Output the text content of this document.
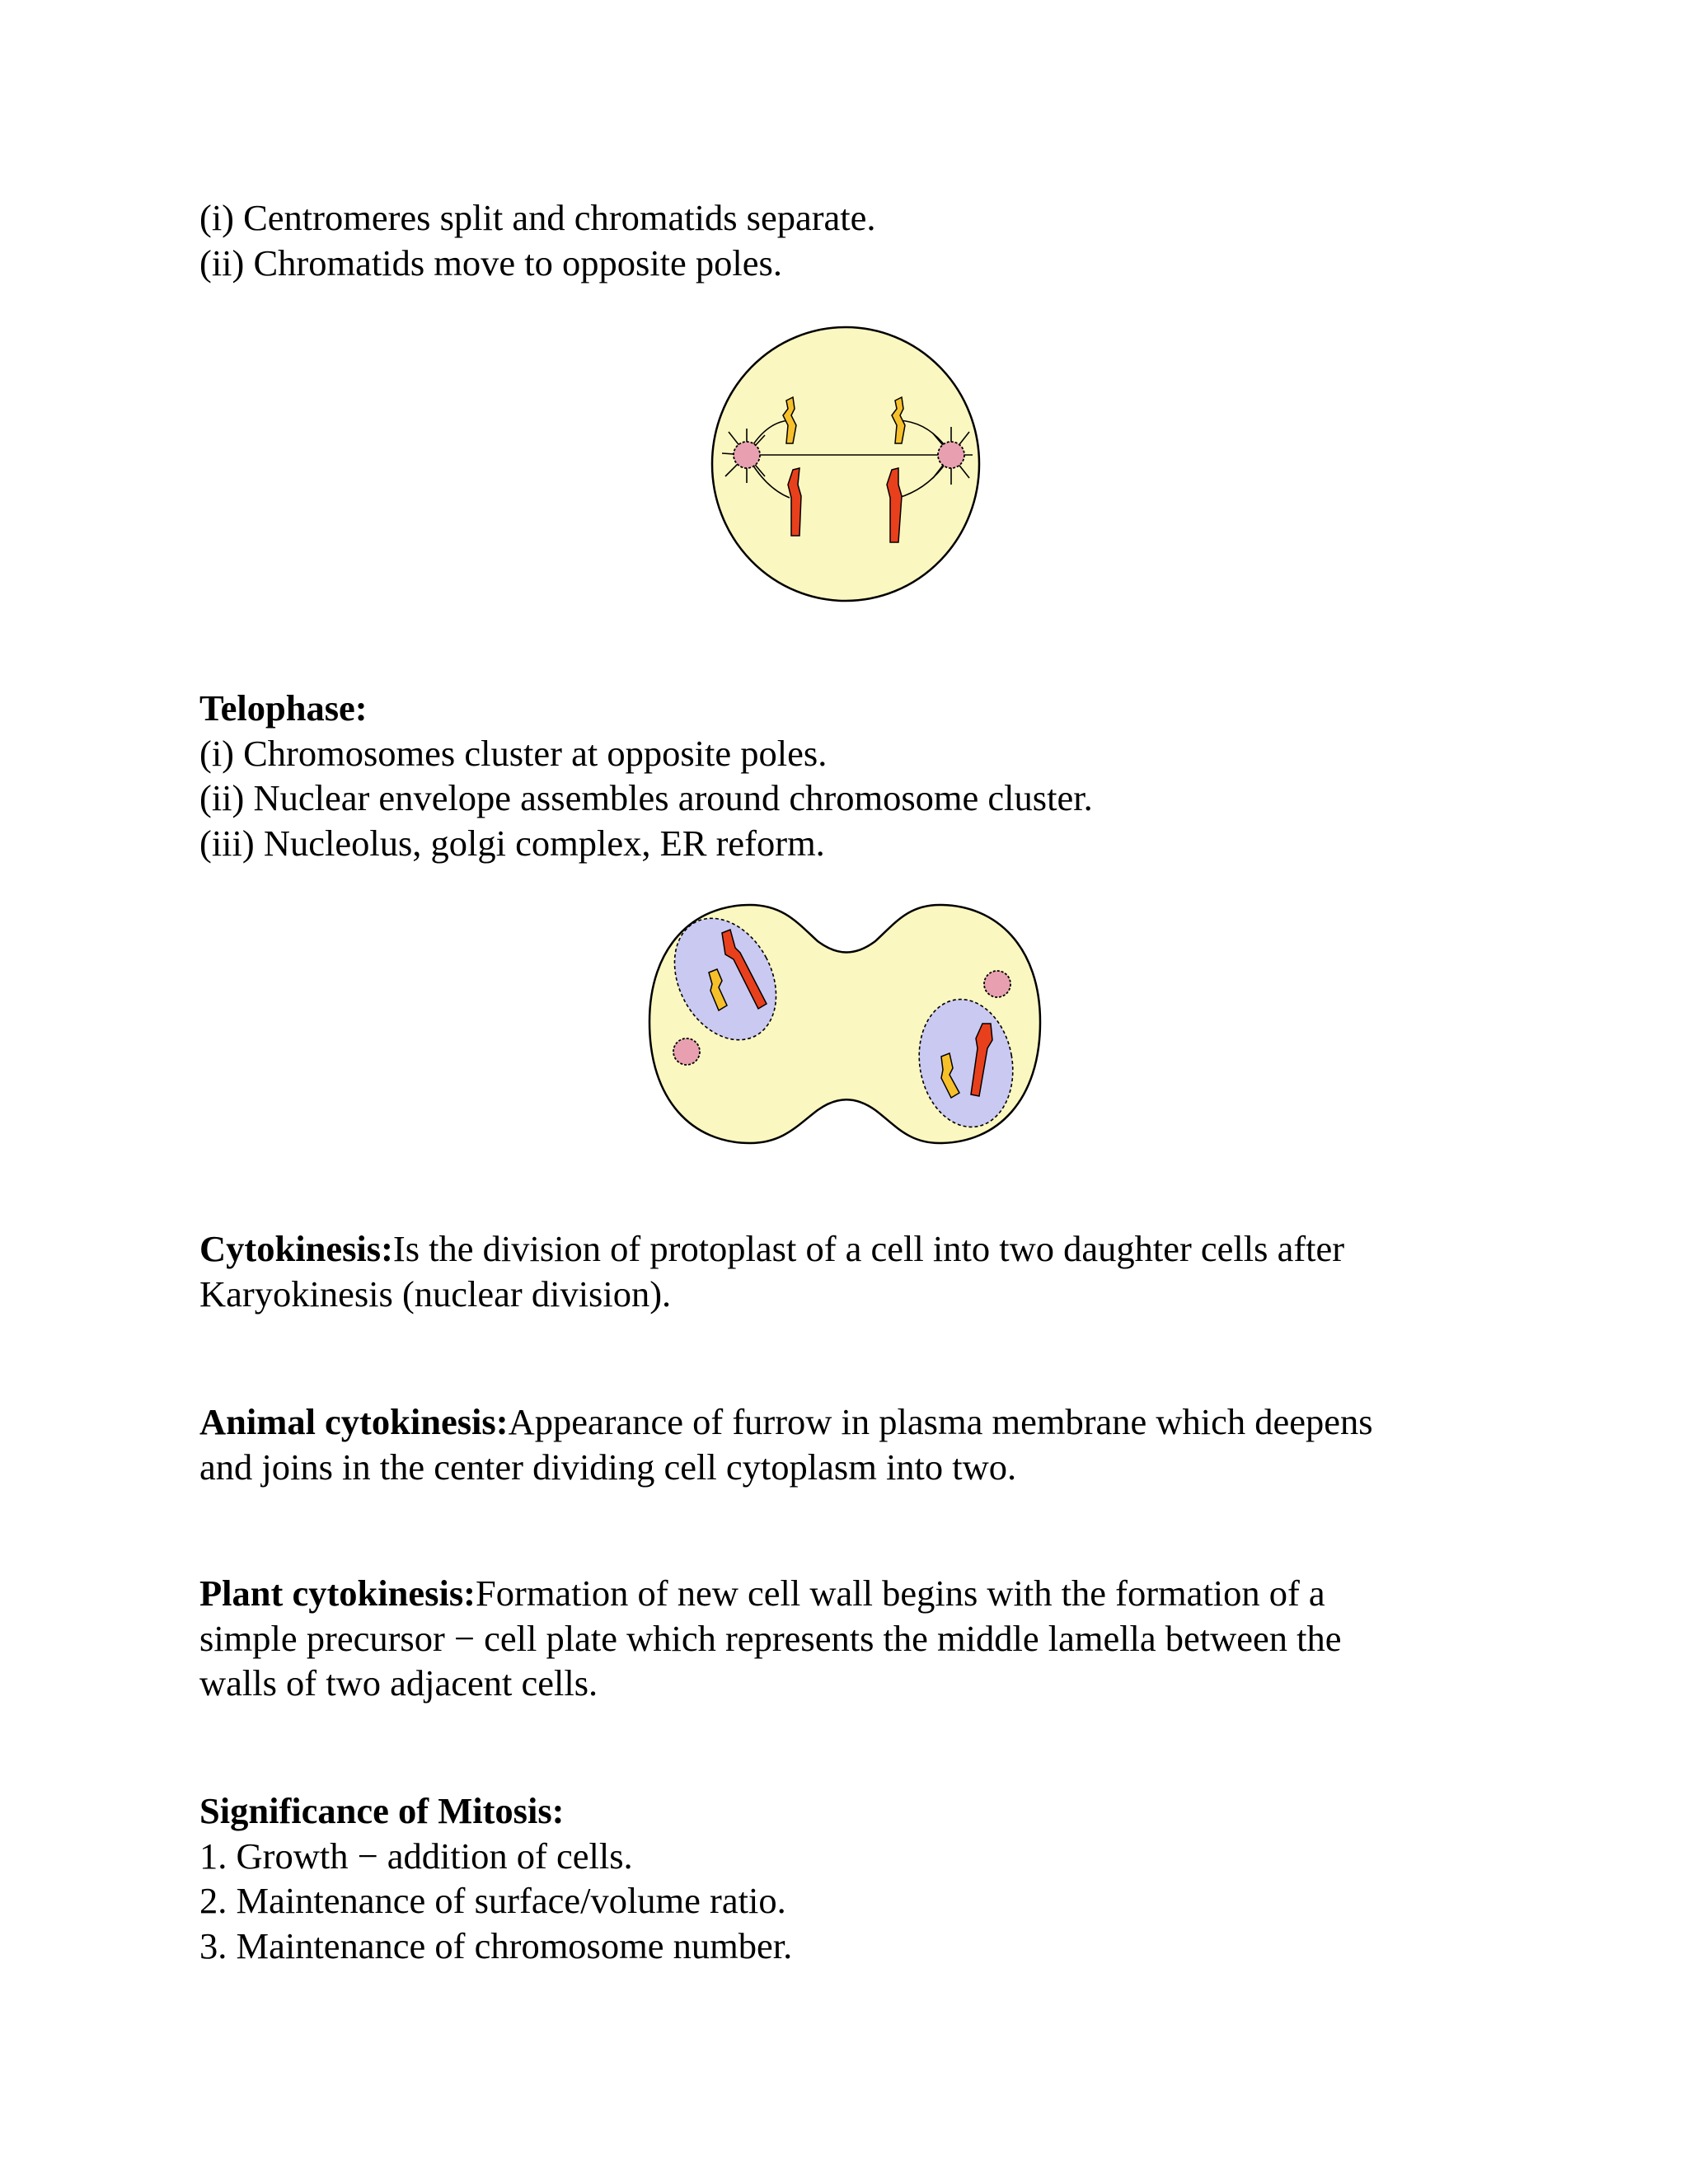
(i) Centromeres split and chromatids separate.
(ii) Chromatids move to opposite poles.
Telophase:
(i) Chromosomes cluster at opposite poles.
(ii) Nuclear envelope assembles around chromosome cluster.
(iii) Nucleolus, golgi complex, ER reform.
Cytokinesis:Is the division of protoplast of a cell into two daughter cells after
Karyokinesis (nuclear division).
Animal cytokinesis:Appearance of furrow in plasma membrane which deepens
and joins in the center dividing cell cytoplasm into two.
Plant cytokinesis:Formation of new cell wall begins with the formation of a
simple precursor − cell plate which represents the middle lamella between the
walls of two adjacent cells.
Significance of Mitosis:
1. Growth − addition of cells.
2. Maintenance of surface/volume ratio.
3. Maintenance of chromosome number.
